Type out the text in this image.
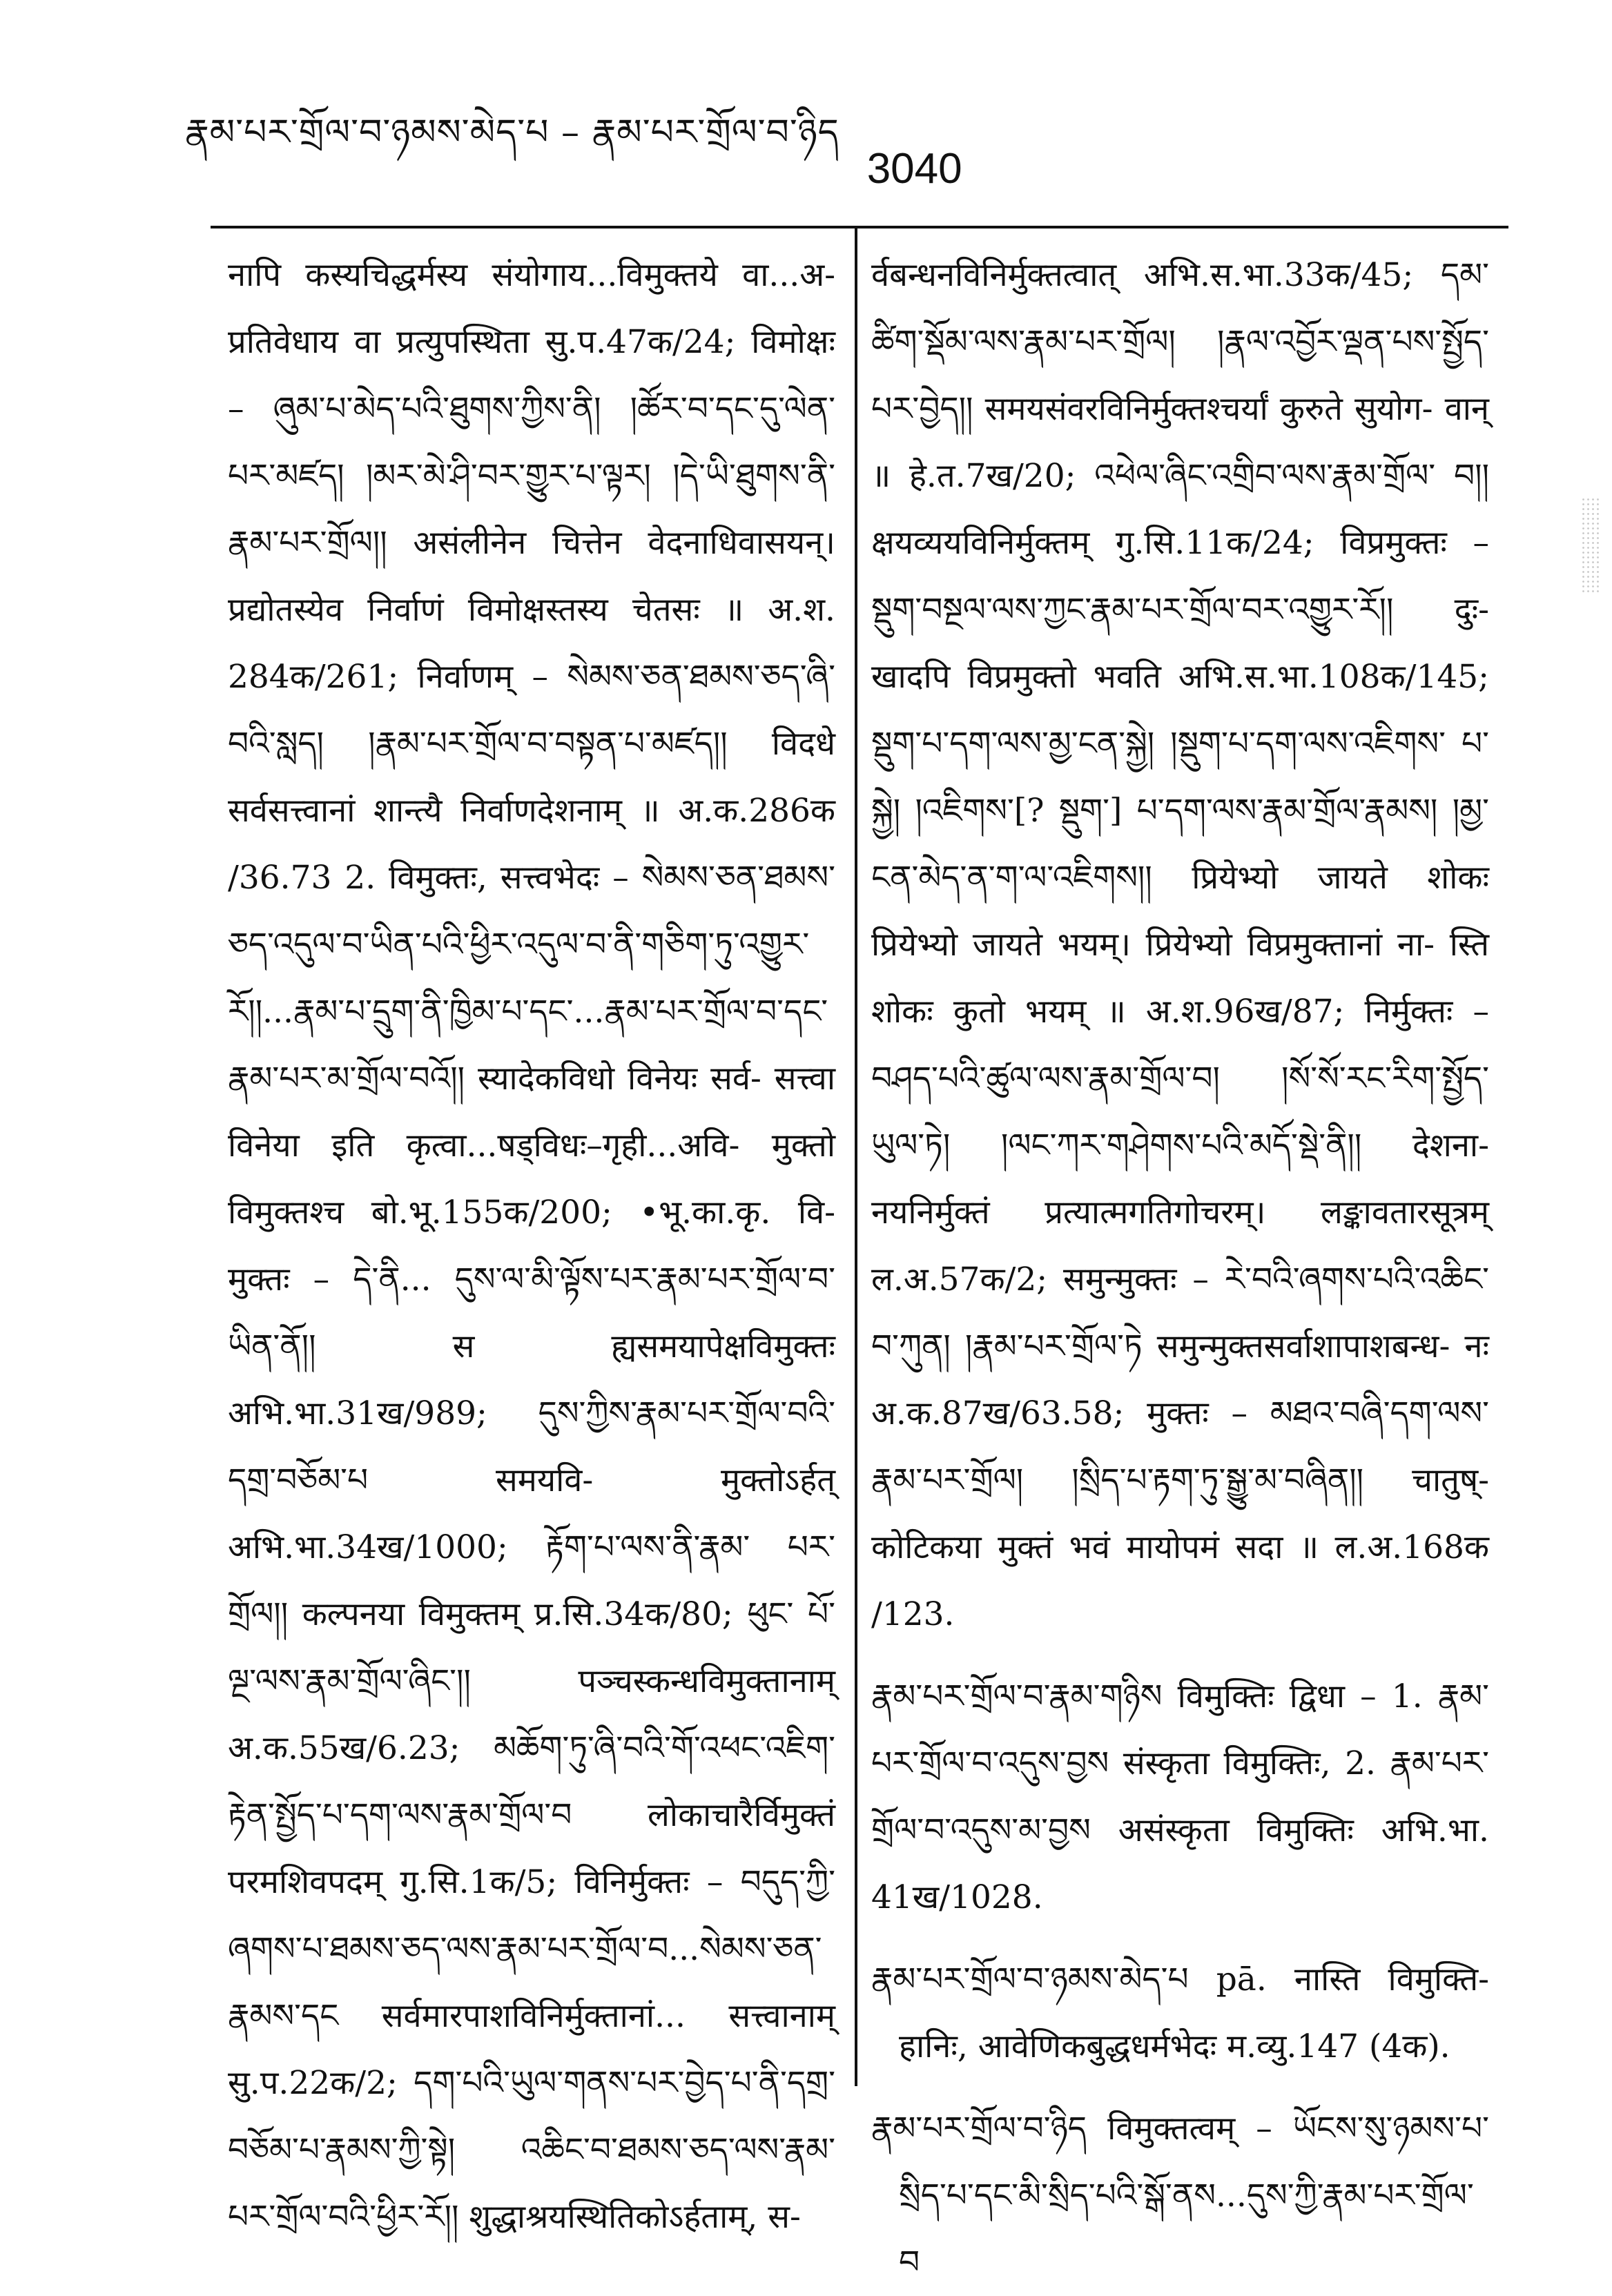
རྣམ་པར་གྲོལ་བ་ཉམས་མེད་པ – རྣམ་པར་གྲོལ་བ་ཉིད
3040

नापि कस्यचिद्धर्मस्य संयोगाय...विमुक्तये वा...अ- प्रतिवेधाय वा प्रत्युपस्थिता सु.प.47क/24; विमोक्षः – ཞུམ་པ་མེད་པའི་ཐུགས་ཀྱིས་ནི། །ཚོར་བ་དང་དུ་ལེན་ པར་མཛད། །མར་མེ་ཤི་བར་གྱུར་པ་ལྟར། །དེ་ཡི་ཐུགས་ནི་ རྣམ་པར་གྲོལ།། असंलीनेन चित्तेन वेदनाधिवासयन्। प्रद्योतस्येव निर्वाणं विमोक्षस्तस्य चेतसः ॥ अ.श. 284क/261; निर्वाणम् – སེམས་ཅན་ཐམས་ཅད་ཞི་ བའི་སླད། །རྣམ་པར་གྲོལ་བ་བསྟན་པ་མཛད།། विदधे सर्वसत्त्वानां शान्त्यै निर्वाणदेशनाम् ॥ अ.क.286क /36.73 2. विमुक्तः, सत्त्वभेदः – སེམས་ཅན་ཐམས་ ཅད་འདུལ་བ་ཡིན་པའི་ཕྱིར་འདུལ་བ་ནི་གཅིག་ཏུ་འགྱུར་ རོ།།...རྣམ་པ་དྲུག་ནི་ཁྱིམ་པ་དང་...རྣམ་པར་གྲོལ་བ་དང་ རྣམ་པར་མ་གྲོལ་བའོ།། स्यादेकविधो विनेयः सर्व- सत्त्वा विनेया इति कृत्वा...षड्विधः–गृही...अवि- मुक्तो विमुक्तश्च बो.भू.155क/200; •भू.का.कृ. वि- मुक्तः – དེ་ནི... དུས་ལ་མི་ལྟོས་པར་རྣམ་པར་གྲོལ་བ་ ཡིན་ནོ།། स ह्यसमयापेक्षविमुक्तः अभि.भा.31ख/989; དུས་ཀྱིས་རྣམ་པར་གྲོལ་བའི་དགྲ་བཅོམ་པ समयवि- मुक्तोऽर्हत् अभि.भा.34ख/1000; རྟོག་པ་ལས་ནི་རྣམ་ པར་གྲོལ།། कल्पनया विमुक्तम् प्र.सि.34क/80; ཕུང་ པོ་ལྔ་ལས་རྣམ་གྲོལ་ཞིང་།། पञ्चस्कन्धविमुक्तानाम् अ.क.55ख/6.23; མཆོག་ཏུ་ཞི་བའི་གོ་འཕང་འཇིག་ རྟེན་སྤྱོད་པ་དག་ལས་རྣམ་གྲོལ་བ लोकाचारैर्विमुक्तं परमशिवपदम् गु.सि.1क/5; विनिर्मुक्तः – བདུད་ཀྱི་ ཞགས་པ་ཐམས་ཅད་ལས་རྣམ་པར་གྲོལ་བ...སེམས་ཅན་ རྣམས་དང सर्वमारपाशविनिर्मुक्तानां... सत्त्वानाम् सु.प.22क/2; དག་པའི་ཡུལ་གནས་པར་བྱེད་པ་ནི་དགྲ་ བཅོམ་པ་རྣམས་ཀྱི་སྟེ། འཆིང་བ་ཐམས་ཅད་ལས་རྣམ་ པར་གྲོལ་བའི་ཕྱིར་རོ།། शुद्धाश्रयस्थितिकोऽर्हताम्, स-

र्वबन्धनविनिर्मुक्तत्वात् अभि.स.भा.33क/45; དམ་ ཚིག་སྡོམ་ལས་རྣམ་པར་གྲོལ། །རྣལ་འབྱོར་ལྡན་པས་སྤྱོད་ པར་བྱེད།། समयसंवरविनिर्मुक्तश्चर्यां कुरुते सुयोग- वान् ॥ हे.त.7ख/20; འཕེལ་ཞིང་འགྲིབ་ལས་རྣམ་གྲོལ་ བ།། क्षयव्ययविनिर्मुक्तम् गु.सि.11क/24; विप्रमुक्तः – སྡུག་བསྔལ་ལས་ཀྱང་རྣམ་པར་གྲོལ་བར་འགྱུར་རོ།། दुः- खादपि विप्रमुक्तो भवति अभि.स.भा.108क/145; སྡུག་པ་དག་ལས་མྱ་ངན་སྐྱེ། །སྡུག་པ་དག་ལས་འཇིགས་ པ་སྐྱེ། །འཇིགས་[? སྡུག་] པ་དག་ལས་རྣམ་གྲོལ་རྣམས། །མྱ་ངན་མེད་ན་ག་ལ་འཇིགས།། प्रियेभ्यो जायते शोकः प्रियेभ्यो जायते भयम्। प्रियेभ्यो विप्रमुक्तानां ना- स्ति शोकः कुतो भयम् ॥ अ.श.96ख/87; निर्मुक्तः – བཤད་པའི་ཚུལ་ལས་རྣམ་གྲོལ་བ། །སོ་སོ་རང་རིག་སྤྱོད་ ཡུལ་ཏེ། །ལང་ཀར་གཤེགས་པའི་མདོ་སྡེ་ནི།། देशना- नयनिर्मुक्तं प्रत्यात्मगतिगोचरम्। लङ्कावतारसूत्रम् ल.अ.57क/2; समुन्मुक्तः – རེ་བའི་ཞགས་པའི་འཆིང་ བ་ཀུན། །རྣམ་པར་གྲོལ་ཏེ समुन्मुक्तसर्वाशापाशबन्ध- नः अ.क.87ख/63.58; मुक्तः – མཐའ་བཞི་དག་ལས་ རྣམ་པར་གྲོལ། །སྲིད་པ་རྟག་ཏུ་སྒྱུ་མ་བཞིན།། चातुष्- कोटिकया मुक्तं भवं मायोपमं सदा ॥ ल.अ.168क /123.

རྣམ་པར་གྲོལ་བ་རྣམ་གཉིས विमुक्तिः द्विधा – 1. རྣམ་ པར་གྲོལ་བ་འདུས་བྱས संस्कृता विमुक्तिः, 2. རྣམ་པར་ གྲོལ་བ་འདུས་མ་བྱས असंस्कृता विमुक्तिः अभि.भा. 41ख/1028.

རྣམ་པར་གྲོལ་བ་ཉམས་མེད་པ pā. नास्ति विमुक्ति- हानिः, आवेणिकबुद्धधर्मभेदः म.व्यु.147 (4क).

རྣམ་པར་གྲོལ་བ་ཉིད विमुक्तत्वम् – ཡོངས་སུ་ཉམས་པ་ སྲིད་པ་དང་མི་སྲིད་པའི་སྒོ་ནས...དུས་ཀྱི་རྣམ་པར་གྲོལ་བ
